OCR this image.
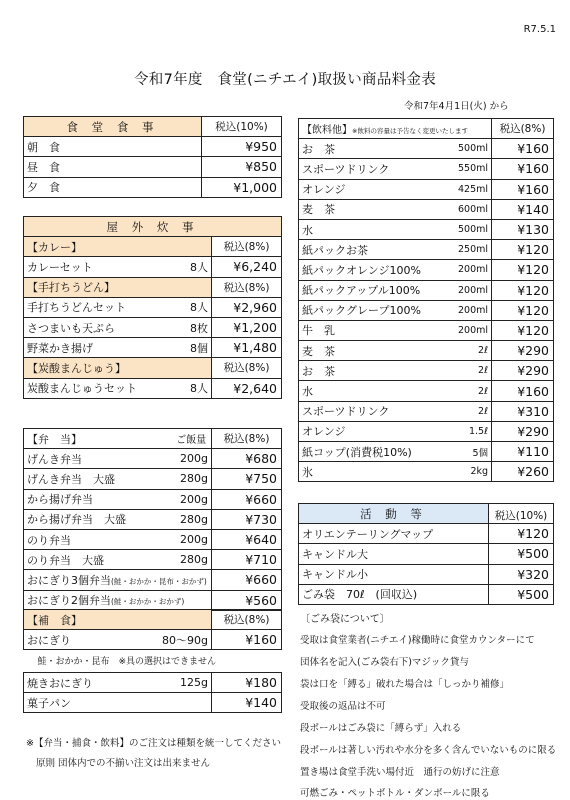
R7.5.1
令和7年度　食堂(ニチエイ)取扱い商品料金表
令和7年4月1日(火) から
食 堂 食 事	税込(10%)
朝　食	¥950
昼　食	¥850
夕　食	¥1,000
屋 外 炊 事		
【カレー】		税込(8%)
カレーセット	8人	¥6,240
【手打ちうどん】		税込(8%)
手打ちうどんセット	8人	¥2,960
さつまいも天ぷら	8枚	¥1,200
野菜かき揚げ	8個	¥1,480
【炭酸まんじゅう】		税込(8%)
炭酸まんじゅうセット	8人	¥2,640
【弁　当】	ご飯量	税込(8%)
げんき弁当	200g	¥680
げんき弁当　大盛	280g	¥750
から揚げ弁当	200g	¥660
から揚げ弁当　大盛	280g	¥730
のり弁当	200g	¥640
のり弁当　大盛	280g	¥710
おにぎり3個弁当(鮭・おかか・昆布・おかず)		¥660
おにぎり2個弁当(鮭・おかか・おかず)		¥560
【補　食】		税込(8%)
おにぎり	80～90g	¥160
鮭・おかか・昆布　※具の選択はできません		
焼きおにぎり	125g	¥180
菓子パン		¥140
※【弁当・捕食・飲料】のご注文は種類を統一してください
原則 団体内での不揃い注文は出来ません
【飲料他】※飲料の容量は予告なく変更いたします		税込(8%)
お　茶	500ml	¥160
スポーツドリンク	550ml	¥160
オレンジ	425ml	¥160
麦　茶	600ml	¥140
水	500ml	¥130
紙パックお茶	250ml	¥120
紙パックオレンジ100%	200ml	¥120
紙パックアップル100%	200ml	¥120
紙パックグレープ100%	200ml	¥120
牛　乳	200ml	¥120
麦　茶	2ℓ	¥290
お　茶	2ℓ	¥290
水	2ℓ	¥160
スポーツドリンク	2ℓ	¥310
オレンジ	1.5ℓ	¥290
紙コップ(消費税10%)	5個	¥110
氷	2kg	¥260
活 動 等	税込(10%)
オリエンテーリングマップ	¥120
キャンドル大	¥500
キャンドル小	¥320
ごみ袋　70ℓ　(回収込)	¥500
〔ごみ袋について〕
受取は食堂業者(ニチエイ)稼働時に食堂カウンターにて
団体名を記入(ごみ袋右下)マジック貸与
袋は口を「縛る」破れた場合は「しっかり補修」
受取後の返品は不可
段ボールはごみ袋に「縛らず」入れる
段ボールは著しい汚れや水分を多く含んでいないものに限る
置き場は食堂手洗い場付近　通行の妨げに注意
可燃ごみ・ペットボトル・ダンボールに限る
